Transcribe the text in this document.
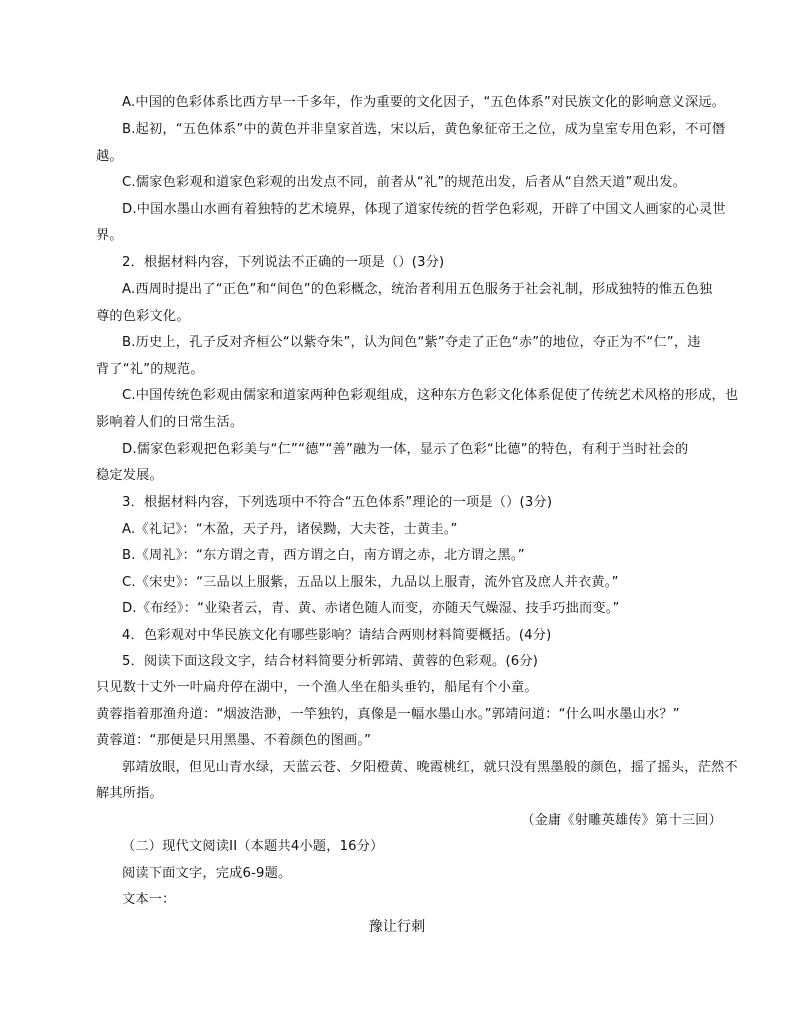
A.中国的色彩体系比西方早一千多年，作为重要的文化因子，“五色体系”对民族文化的影响意义深远。
B.起初，“五色体系”中的黄色并非皇家首选，宋以后，黄色象征帝王之位，成为皇室专用色彩，不可僭
越。
C.儒家色彩观和道家色彩观的出发点不同，前者从“礼”的规范出发，后者从“自然天道”观出发。
D.中国水墨山水画有着独特的艺术境界，体现了道家传统的哲学色彩观，开辟了中国文人画家的心灵世
界。
2．根据材料内容，下列说法不正确的一项是（）(3分)
A.西周时提出了“正色”和“间色”的色彩概念，统治者利用五色服务于社会礼制，形成独特的惟五色独
尊的色彩文化。
B.历史上，孔子反对齐桓公“以紫夺朱”，认为间色“紫”夺走了正色“赤”的地位，夺正为不“仁”，违
背了“礼”的规范。
C.中国传统色彩观由儒家和道家两种色彩观组成，这种东方色彩文化体系促使了传统艺术风格的形成，也
影响着人们的日常生活。
D.儒家色彩观把色彩美与“仁”“德”“善”融为一体，显示了色彩“比德”的特色，有利于当时社会的
稳定发展。
3．根据材料内容，下列选项中不符合“五色体系”理论的一项是（）(3分)
A.《礼记》：“木盈，天子丹，诸侯黝，大夫苍，士黄圭。”
B.《周礼》：“东方谓之青，西方谓之白，南方谓之赤，北方谓之黑。”
C.《宋史》：“三品以上服紫，五品以上服朱，九品以上服青，流外官及庶人并衣黄。”
D.《布经》：“业染者云，青、黄、赤诸色随人而变，亦随天气燥湿、技手巧拙而变。”
4．色彩观对中华民族文化有哪些影响？请结合两则材料简要概括。(4分)
5．阅读下面这段文字，结合材料简要分析郭靖、黄蓉的色彩观。(6分)
只见数十丈外一叶扁舟停在湖中，一个渔人坐在船头垂钓，船尾有个小童。
黄蓉指着那渔舟道：“烟波浩渺，一竿独钓，真像是一幅水墨山水。”郭靖问道：“什么叫水墨山水？”
黄蓉道：“那便是只用黑墨、不着颜色的图画。”
郭靖放眼，但见山青水绿，天蓝云苍、夕阳橙黄、晚霞桃红，就只没有黑墨般的颜色，摇了摇头，茫然不
解其所指。
（金庸《射雕英雄传》第十三回）
（二）现代文阅读II（本题共4小题，16分）
阅读下面文字，完成6-9题。
文本一：
豫让行刺
